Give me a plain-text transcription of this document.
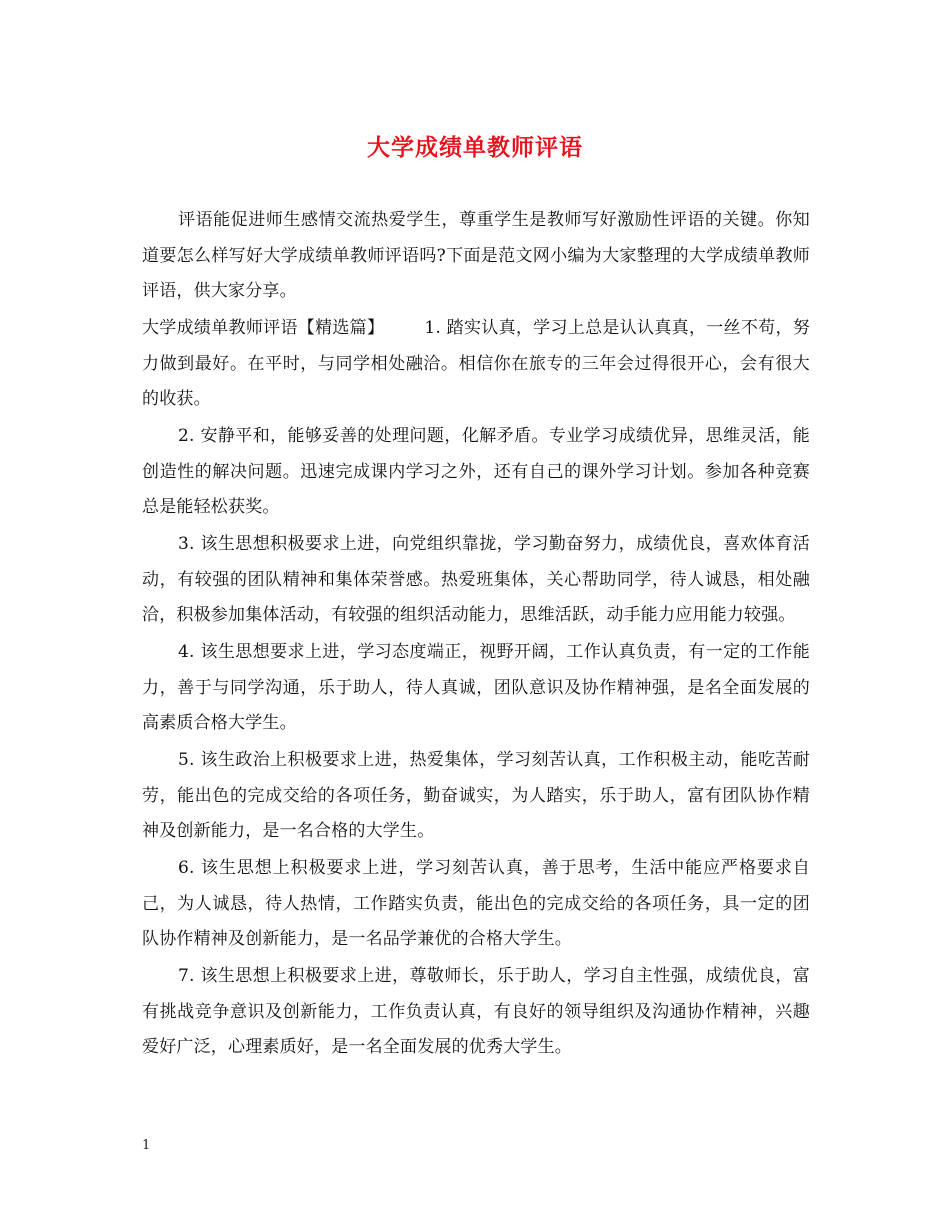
大学成绩单教师评语

评语能促进师生感情交流热爱学生，尊重学生是教师写好激励性评语的关键。你知道要怎么样写好大学成绩单教师评语吗?下面是范文网小编为大家整理的大学成绩单教师评语，供大家分享。

大学成绩单教师评语【精选篇】 1. 踏实认真，学习上总是认认真真，一丝不苟，努力做到最好。在平时，与同学相处融洽。相信你在旅专的三年会过得很开心，会有很大的收获。

2. 安静平和，能够妥善的处理问题，化解矛盾。专业学习成绩优异，思维灵活，能创造性的解决问题。迅速完成课内学习之外，还有自己的课外学习计划。参加各种竞赛总是能轻松获奖。

3. 该生思想积极要求上进，向党组织靠拢，学习勤奋努力，成绩优良，喜欢体育活动，有较强的团队精神和集体荣誉感。热爱班集体，关心帮助同学，待人诚恳，相处融洽，积极参加集体活动，有较强的组织活动能力，思维活跃，动手能力应用能力较强。

4. 该生思想要求上进，学习态度端正，视野开阔，工作认真负责，有一定的工作能力，善于与同学沟通，乐于助人，待人真诚，团队意识及协作精神强，是名全面发展的高素质合格大学生。

5. 该生政治上积极要求上进，热爱集体，学习刻苦认真，工作积极主动，能吃苦耐劳，能出色的完成交给的各项任务，勤奋诚实，为人踏实，乐于助人，富有团队协作精神及创新能力，是一名合格的大学生。

6. 该生思想上积极要求上进，学习刻苦认真，善于思考，生活中能应严格要求自己，为人诚恳，待人热情，工作踏实负责，能出色的完成交给的各项任务，具一定的团队协作精神及创新能力，是一名品学兼优的合格大学生。

7. 该生思想上积极要求上进，尊敬师长，乐于助人，学习自主性强，成绩优良，富有挑战竞争意识及创新能力，工作负责认真，有良好的领导组织及沟通协作精神，兴趣爱好广泛，心理素质好，是一名全面发展的优秀大学生。

1
